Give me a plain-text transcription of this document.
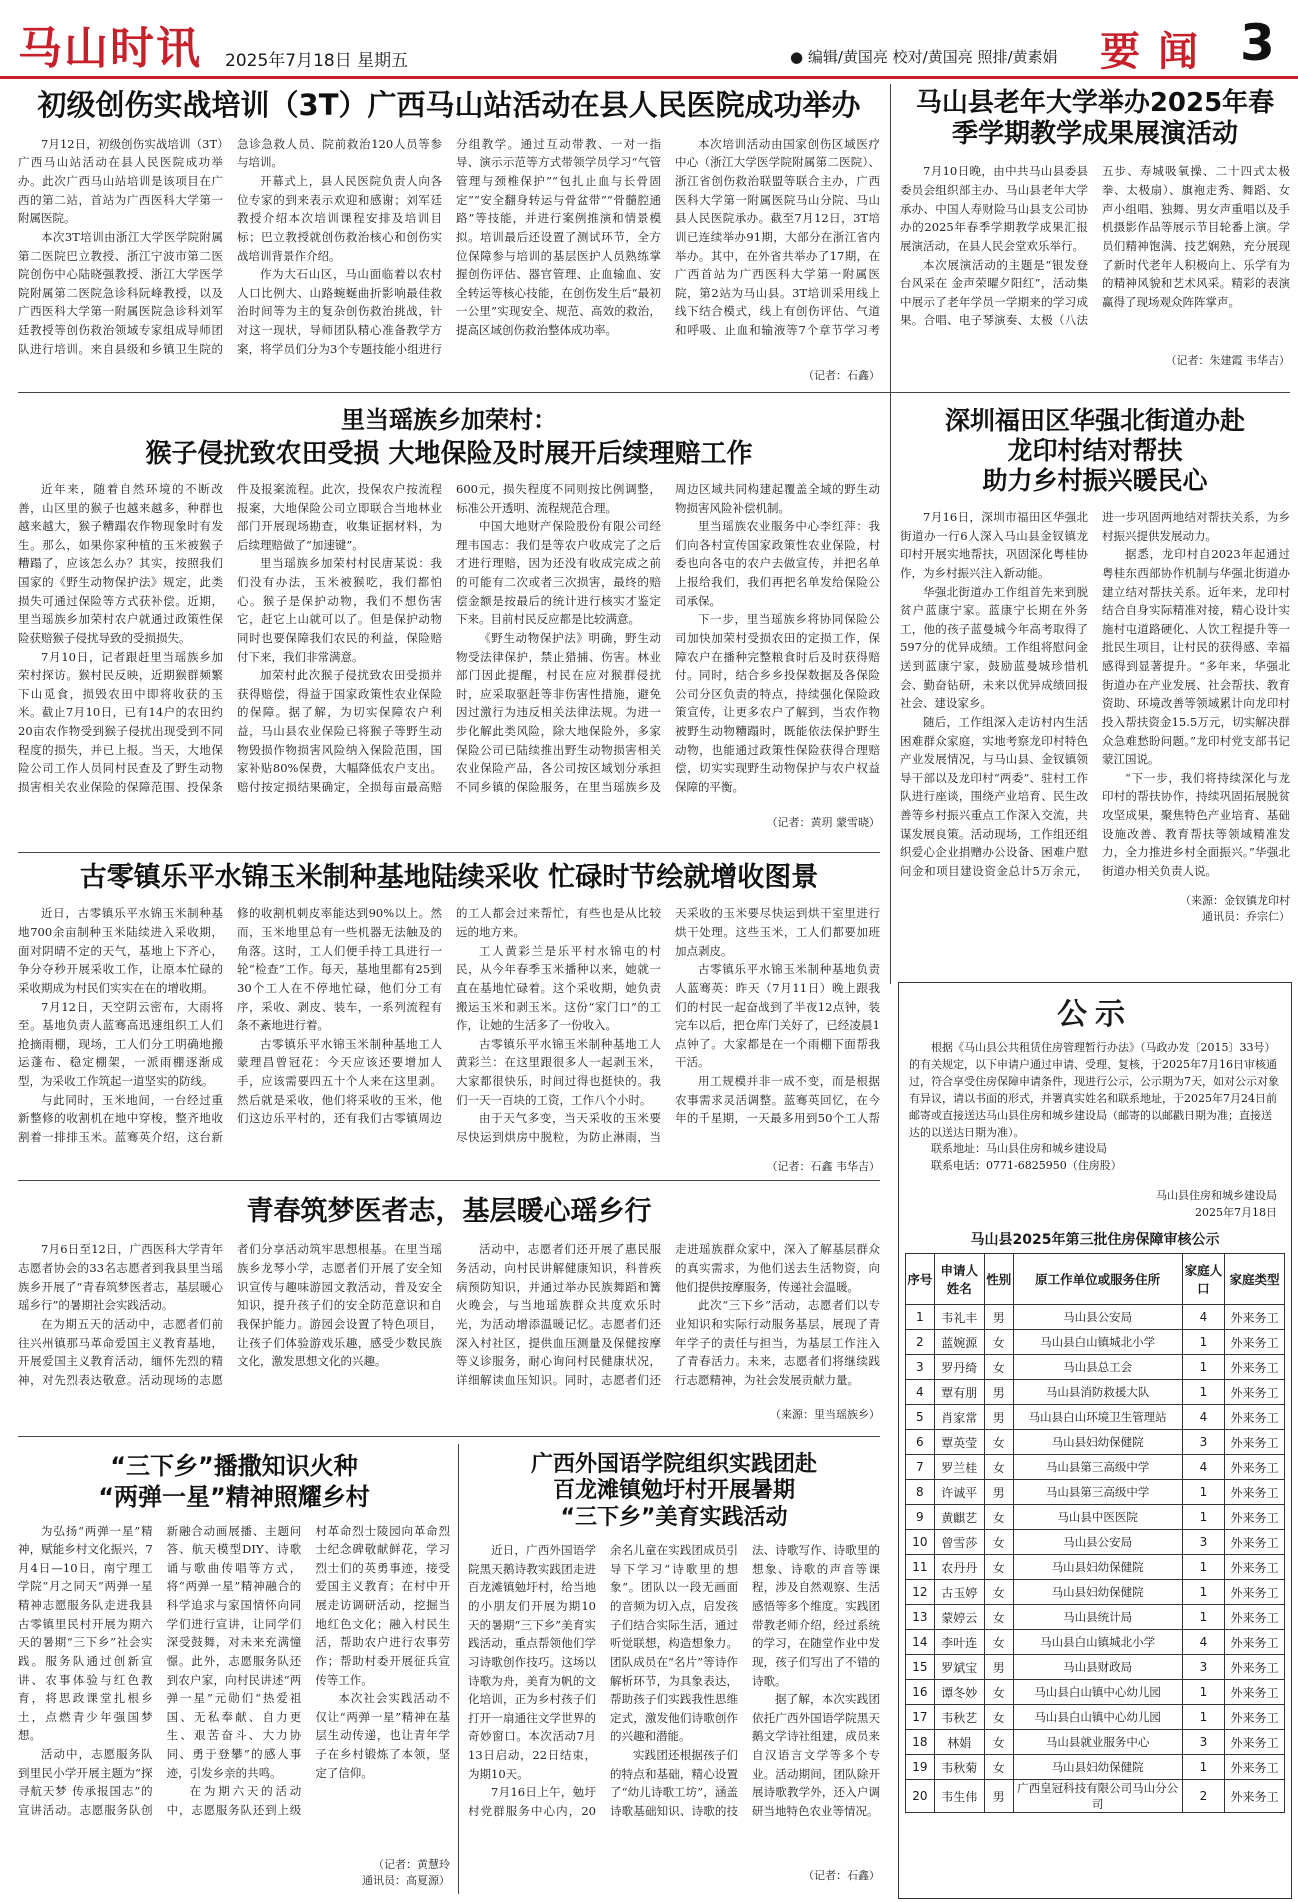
马山时讯 2025年7月18日 星期五	● 编辑/黄国亮 校对/黄国亮 照排/黄素娟 要闻 3
初级创伤实战培训（3T）广西马山站活动在县人民医院成功举办

7月12日，初级创伤实战培训（3T）广西马山站活动在县人民医院成功举办。此次广西马山站培训是该项目在广西的第二站，首站为广西医科大学第一附属医院。

本次3T培训由浙江大学医学院附属第二医院巴立教授、浙江宁波市第二医院创伤中心陆晓强教授、浙江大学医学院附属第二医院急诊科阮峰教授，以及广西医科大学第一附属医院急诊科刘军廷教授等创伤救治领域专家组成导师团队进行培训。来自县级和乡镇卫生院的急诊急救人员、院前救治120人员等参与培训。

开幕式上，县人民医院负责人向各位专家的到来表示欢迎和感谢；刘军廷教授介绍本次培训课程安排及培训目标；巴立教授就创伤救治核心和创伤实战培训背景作介绍。

作为大石山区，马山面临着以农村人口比例大、山路蜿蜒曲折影响最佳救治时间等为主的复杂创伤救治挑战，针对这一现状，导师团队精心准备教学方案，将学员们分为3个专题技能小组进行分组教学。通过互动带教、一对一指导、演示示范等方式带领学员学习“气管管理与颈椎保护”“包扎止血与长骨固定”“安全翻身转运与骨盆带”“骨髓腔通路”等技能，并进行案例推演和情景模拟。培训最后还设置了测试环节，全方位保障参与培训的基层医护人员熟练掌握创伤评估、器官管理、止血输血、安全转运等核心技能，在创伤发生后“最初一公里”实现安全、规范、高效的救治，提高区域创伤救治整体成功率。

本次培训活动由国家创伤区域医疗中心（浙江大学医学院附属第二医院）、浙江省创伤救治联盟等联合主办，广西医科大学第一附属医院马山分院、马山县人民医院承办。截至7月12日，3T培训已连续举办91期，大部分在浙江省内举办。其中，在外省共举办了17期，在广西首站为广西医科大学第一附属医院，第2站为马山县。3T培训采用线上线下结合模式，线上有创伤评估、气道和呼吸、止血和输液等7个章节学习考

（记者：石鑫）
马山县老年大学举办2025年春季学期教学成果展演活动

7月10日晚，由中共马山县委县委员会组织部主办、马山县老年大学承办、中国人寿财险马山县支公司协办的2025年春季学期教学成果汇报展演活动，在县人民会堂欢乐举行。

本次展演活动的主题是“银发登台风采在 金声荣曜夕阳红”，活动集中展示了老年学员一学期来的学习成果。合唱、电子琴演奏、太极（八法五步、寿城吸氧操、二十四式太极拳、太极扇）、旗袍走秀、舞蹈、女声小组唱、独舞、男女声重唱以及手机摄影作品等展示节目轮番上演。学员们精神饱满、技艺娴熟，充分展现了新时代老年人积极向上、乐学有为的精神风貌和艺术风采。精彩的表演赢得了现场观众阵阵掌声。

（记者：朱建霞 韦华吉）
里当瑶族乡加荣村：
猴子侵扰致农田受损 大地保险及时展开后续理赔工作

近年来，随着自然环境的不断改善，山区里的猴子也越来越多，种群也越来越大，猴子糟蹋农作物现象时有发生。那么，如果你家种植的玉米被猴子糟蹋了，应该怎么办？其实，按照我们国家的《野生动物保护法》规定，此类损失可通过保险等方式获补偿。近期，里当瑶族乡加荣村农户就通过政策性保险获赔猴子侵扰导致的受损损失。

7月10日，记者跟赶里当瑶族乡加荣村探访。猴村民反映，近期猴群频繁下山觅食，损毁农田中即将收获的玉米。截止7月10日，已有14户的农田约20亩农作物受到猴子侵扰出现受到不同程度的损失，并已上报。当天，大地保险公司工作人员同村民查及了野生动物损害相关农业保险的保障范围、投保条件及报案流程。此次，投保农户按流程报案，大地保险公司立即联合当地林业部门开展现场勘查，收集证据材料，为后续理赔做了“加速键”。

里当瑶族乡加荣村村民唐某说：我们没有办法，玉米被猴吃，我们都怕心。猴子是保护动物，我们不想伤害它，赶它上山就可以了。但是保护动物同时也要保障我们农民的利益，保险赔付下来，我们非常满意。

加荣村此次猴子侵扰致农田受损并获得赔偿，得益于国家政策性农业保险的保障。据了解，为切实保障农户利益，马山县农业保险已将猴子等野生动物毁损作物损害风险纳入保险范围，国家补贴80%保费，大幅降低农户支出。赔付按定损结果确定，全损每亩最高赔600元，损失程度不同则按比例调整，标准公开透明、流程规范合理。

中国大地财产保险股份有限公司经理韦国志：我们是等农户收成完了之后才进行理赔，因为还没有收成完成之前的可能有二次或者三次损害，最终的赔偿金额是按最后的统计进行核实才鉴定下来。目前村民反应都是比较满意。

《野生动物保护法》明确，野生动物受法律保护，禁止猎捕、伤害。林业部门因此提醒，村民在应对猴群侵扰时，应采取驱赶等非伤害性措施，避免因过激行为违反相关法律法规。为进一步化解此类风险，除大地保险外，多家保险公司已陆续推出野生动物损害相关农业保险产品，各公司按区域划分承担不同乡镇的保险服务，在里当瑶族乡及周边区域共同构建起覆盖全域的野生动物损害风险补偿机制。

里当瑶族农业服务中心李红萍：我们向各村宣传国家政策性农业保险，村委也向各屯的农户去做宣传，并把名单上报给我们，我们再把名单发给保险公司承保。

下一步，里当瑶族乡将协同保险公司加快加荣村受损农田的定损工作，保障农户在播种完整粮食时后及时获得赔付。同时，结合乡乡投保数据及各保险公司分区负责的特点，持续强化保险政策宣传，让更多农户了解到，当农作物被野生动物糟蹋时，既能依法保护野生动物，也能通过政策性保险获得合理赔偿，切实实现野生动物保护与农户权益保障的平衡。

（记者：黄玥 蒙雪晓）
深圳福田区华强北街道办赴
龙印村结对帮扶
助力乡村振兴暖民心

7月16日，深圳市福田区华强北街道办一行6人深入马山县金钗镇龙印村开展实地帮扶，巩固深化粤桂协作，为乡村振兴注入新动能。

华强北街道办工作组首先来到脱贫户蓝康宁家。蓝康宁长期在外务工，他的孩子蓝曼城今年高考取得了597分的优异成绩。工作组将慰问金送到蓝康宁家，鼓励蓝曼城珍惜机会、勤奋钻研，未来以优异成绩回报社会、建设家乡。

随后，工作组深入走访村内生活困难群众家庭，实地考察龙印村特色产业发展情况，与马山县、金钗镇领导干部以及龙印村“两委”、驻村工作队进行座谈，围绕产业培育、民生改善等乡村振兴重点工作深入交流，共谋发展良策。活动现场，工作组还组织爱心企业捐赠办公设备、困难户慰问金和项目建设资金总计5万余元，进一步巩固两地结对帮扶关系，为乡村振兴提供发展动力。

据悉，龙印村自2023年起通过粤桂东西部协作机制与华强北街道办建立结对帮扶关系。近年来，龙印村结合自身实际精准对接，精心设计实施村屯道路硬化、人饮工程提升等一批民生项目，让村民的获得感、幸福感得到显著提升。“多年来，华强北街道办在产业发展、社会帮扶、教育资助、环境改善等领域累计向龙印村投入帮扶资金15.5万元，切实解决群众急难愁盼问题。”龙印村党支部书记蒙江国说。

“下一步，我们将持续深化与龙印村的帮扶协作，持续巩固拓展脱贫攻坚成果，聚焦特色产业培育、基础设施改善、教育帮扶等领域精准发力，全力推进乡村全面振兴。”华强北街道办相关负责人说。

（来源：金钗镇龙印村
通讯员：乔宗仁）
古零镇乐平水锦玉米制种基地陆续采收 忙碌时节绘就增收图景

近日，古零镇乐平水锦玉米制种基地700余亩制种玉米陆续进入采收期，面对阴晴不定的天气，基地上下齐心，争分夺秒开展采收工作，让原本忙碌的采收期成为村民们实实在在的增收期。

7月12日，天空阴云密布，大雨将至。基地负责人蓝骞高迅速组织工人们抢摘雨棚，现场，工人们分工明确地搬运蓬布、稳定棚架，一派雨棚逐渐成型，为采收工作筑起一道坚实的防线。

与此同时，玉米地间，一台经过重新整修的收割机在地中穿梭，整齐地收割着一排排玉米。蓝骞英介绍，这台新修的收割机刺皮率能达到90%以上。然而，玉米地里总有一些机器无法触及的角落。这时，工人们便手持工具进行一轮“检查”工作。每天，基地里都有25到30个工人在不停地忙碌，他们分工有序，采收、剥皮、装车，一系列流程有条不紊地进行着。

古零镇乐平水锦玉米制种基地工人蒙理昌曾冠花：今天应该还要增加人手，应该需要四五十个人来在这里剥。然后就是采收，他们将采收的玉米，他们这边乐平村的，还有我们古零镇周边的工人都会过来帮忙，有些也是从比较远的地方来。

工人黄彩兰是乐平村水锦屯的村民，从今年春季玉米播种以来，她就一直在基地忙碌着。这个采收期，她负责搬运玉米和剥玉米。这份“家门口”的工作，让她的生活多了一份收入。

古零镇乐平水锦玉米制种基地工人黄彩兰：在这里跟很多人一起剥玉米，大家都很快乐，时间过得也挺快的。我们一天一百块的工资，工作八个小时。

由于天气多变，当天采收的玉米要尽快运到烘房中脱粒，为防止淋雨，当天采收的玉米要尽快运到烘干室里进行烘干处理。这些玉米，工人们都要加班加点剥皮。

古零镇乐平水锦玉米制种基地负责人蓝骞英：昨天（7月11日）晚上跟我们的村民一起奋战到了半夜12点钟，装完车以后，把仓库门关好了，已经凌晨1点钟了。大家都是在一个雨棚下面帮我干活。

用工规模并非一成不变，而是根据农事需求灵活调整。蓝骞英回忆，在今年的千星期，一天最多用到50个工人帮

（记者：石鑫 韦华吉）
青春筑梦医者志，基层暖心瑶乡行

7月6日至12日，广西医科大学青年志愿者协会的33名志愿者到我县里当瑶族乡开展了“青春筑梦医者志，基层暖心瑶乡行”的暑期社会实践活动。

在为期五天的活动中，志愿者们前往兴州镇那马革命爱国主义教育基地，开展爱国主义教育活动，缅怀先烈的精神，对先烈表达敬意。活动现场的志愿者们分享活动筑牢思想根基。在里当瑶族乡龙琴小学，志愿者们开展了安全知识宣传与趣味游园文教活动，普及安全知识，提升孩子们的安全防范意识和自我保护能力。游园会设置了特色项目，让孩子们体验游戏乐趣，感受少数民族文化，激发思想文化的兴趣。

活动中，志愿者们还开展了惠民服务活动，向村民讲解健康知识，科普疾病预防知识，并通过举办民族舞蹈和篝火晚会，与当地瑶族群众共度欢乐时光，为活动增添温暖记忆。志愿者们还深入村社区，提供血压测量及保健按摩等义诊服务，耐心询问村民健康状况，详细解读血压知识。同时，志愿者们还走进瑶族群众家中，深入了解基层群众的真实需求，为他们送去生活物资，向他们提供按摩服务，传递社会温暖。

此次“三下乡”活动，志愿者们以专业知识和实际行动服务基层，展现了青年学子的责任与担当，为基层工作注入了青春活力。未来，志愿者们将继续践行志愿精神，为社会发展贡献力量。

（来源：里当瑶族乡）
“三下乡”播撒知识火种
“两弹一星”精神照耀乡村

为弘扬“两弹一星”精神，赋能乡村文化振兴，7月4日—10日，南宁理工学院“月之同天”两弹一星精神志愿服务队走进我县古零镇里民村开展为期六天的暑期“三下乡”社会实践。服务队通过创新宣讲、农事体验与红色教育，将思政课堂扎根乡土，点燃青少年强国梦想。

活动中，志愿服务队到里民小学开展主题为“探寻航天梦 传承报国志”的宣讲活动。志愿服务队创新融合动画展播、主题问答、航天模型DIY、诗歌诵与歌曲传唱等方式，将“两弹一星”精神融合的科学追求与家国情怀向同学们进行宣讲，让同学们深受鼓舞，对未来充满憧憬。此外，志愿服务队还到农户家，向村民讲述“两弹一星”元勋们“热爱祖国、无私奉献、自力更生、艰苦奋斗、大力协同、勇于登攀”的感人事迹，引发乡亲的共鸣。

在为期六天的活动中，志愿服务队还到上级村革命烈士陵园向革命烈士纪念碑敬献鲜花，学习烈士们的英勇事迹，接受爱国主义教育；在村中开展走访调研活动，挖掘当地红色文化；融入村民生活，帮助农户进行农事劳作；帮助村委开展征兵宣传等工作。

本次社会实践活动不仅让“两弹一星”精神在基层生动传递，也让青年学子在乡村锻炼了本领，坚定了信仰。

（记者：黄慧玲
通讯员：高夏源）
广西外国语学院组织实践团赴
百龙滩镇勉圩村开展暑期
“三下乡”美育实践活动

近日，广西外国语学院黑天鹅诗教实践团走进百龙滩镇勉圩村，给当地的小朋友们开展为期10天的暑期“三下乡”美育实践活动，重点帮领他们学习诗歌创作技巧。这场以诗歌为舟，美育为帆的文化培训，正为乡村孩子们打开一扇通往文学世界的奇妙窗口。本次活动7月13日启动，22日结束，为期10天。

7月16日上午，勉圩村党群服务中心内，20余名儿童在实践团成员引导下学习“诗歌里的想象”。团队以一段无画面的音频为切入点，启发孩子们结合实际生活，通过听觉联想，构造想象力。团队成员在“名片”等诗作解析环节，为具象表达，帮助孩子们实践我性思维定式，激发他们诗歌创作的兴趣和潜能。

实践团还根据孩子们的特点和基础，精心设置了“幼儿诗歌工坊”，涵盖诗歌基础知识、诗歌的技法、诗歌写作、诗歌里的想象、诗歌的声音等课程，涉及自然观察、生活感悟等多个维度。实践团带教老师介绍，经过系统的学习，在随堂作业中发现，孩子们写出了不错的诗歌。

据了解，本次实践团依托广西外国语学院黑天鹅文学诗社组建，成员来自汉语言文学等多个专业。活动期间，团队除开展诗歌教学外，还入户调研当地特色农业等情况。

（记者：石鑫）
公示
根据《马山县公共租赁住房管理暂行办法》（马政办发〔2015〕33号）的有关规定，以下申请户通过申请、受理、复核，于2025年7月16日审核通过，符合享受住房保障申请条件，现进行公示，公示期为7天，如对公示对象有异议，请以书面的形式，并署真实姓名和联系地址，于2025年7月24日前邮寄或直接送达马山县住房和城乡建设局（邮寄的以邮戳日期为准；直接送达的以送达日期为准）。
联系地址：马山县住房和城乡建设局
联系电话：0771-6825950（住房股）
马山县住房和城乡建设局
2025年7月18日
马山县2025年第三批住房保障审核公示
序号	申请人姓名	性别	原工作单位或服务住所	家庭人口	家庭类型
1	韦礼丰	男	马山县公安局	4	外来务工
2	蓝婉源	女	马山县白山镇城北小学	1	外来务工
3	罗丹绮	女	马山县总工会	1	外来务工
4	覃有朋	男	马山县消防救援大队	1	外来务工
5	肖家常	男	马山县白山环境卫生管理站	4	外来务工
6	覃英莹	女	马山县妇幼保健院	3	外来务工
7	罗兰桂	女	马山县第三高级中学	4	外来务工
8	许诚平	男	马山县第三高级中学	1	外来务工
9	黄麒艺	女	马山县中医医院	1	外来务工
10	曾雪莎	女	马山县公安局	3	外来务工
11	农丹丹	女	马山县妇幼保健院	1	外来务工
12	古玉婷	女	马山县妇幼保健院	1	外来务工
13	蒙婷云	女	马山县统计局	1	外来务工
14	李叶连	女	马山县白山镇城北小学	4	外来务工
15	罗斌宝	男	马山县财政局	3	外来务工
16	谭冬妙	女	马山县白山镇中心幼儿园	1	外来务工
17	韦秋艺	女	马山县白山镇中心幼儿园	1	外来务工
18	林娟	女	马山县就业服务中心	3	外来务工
19	韦秋菊	女	马山县妇幼保健院	1	外来务工
20	韦生伟	男	广西皇冠科技有限公司马山分公司	2	外来务工
